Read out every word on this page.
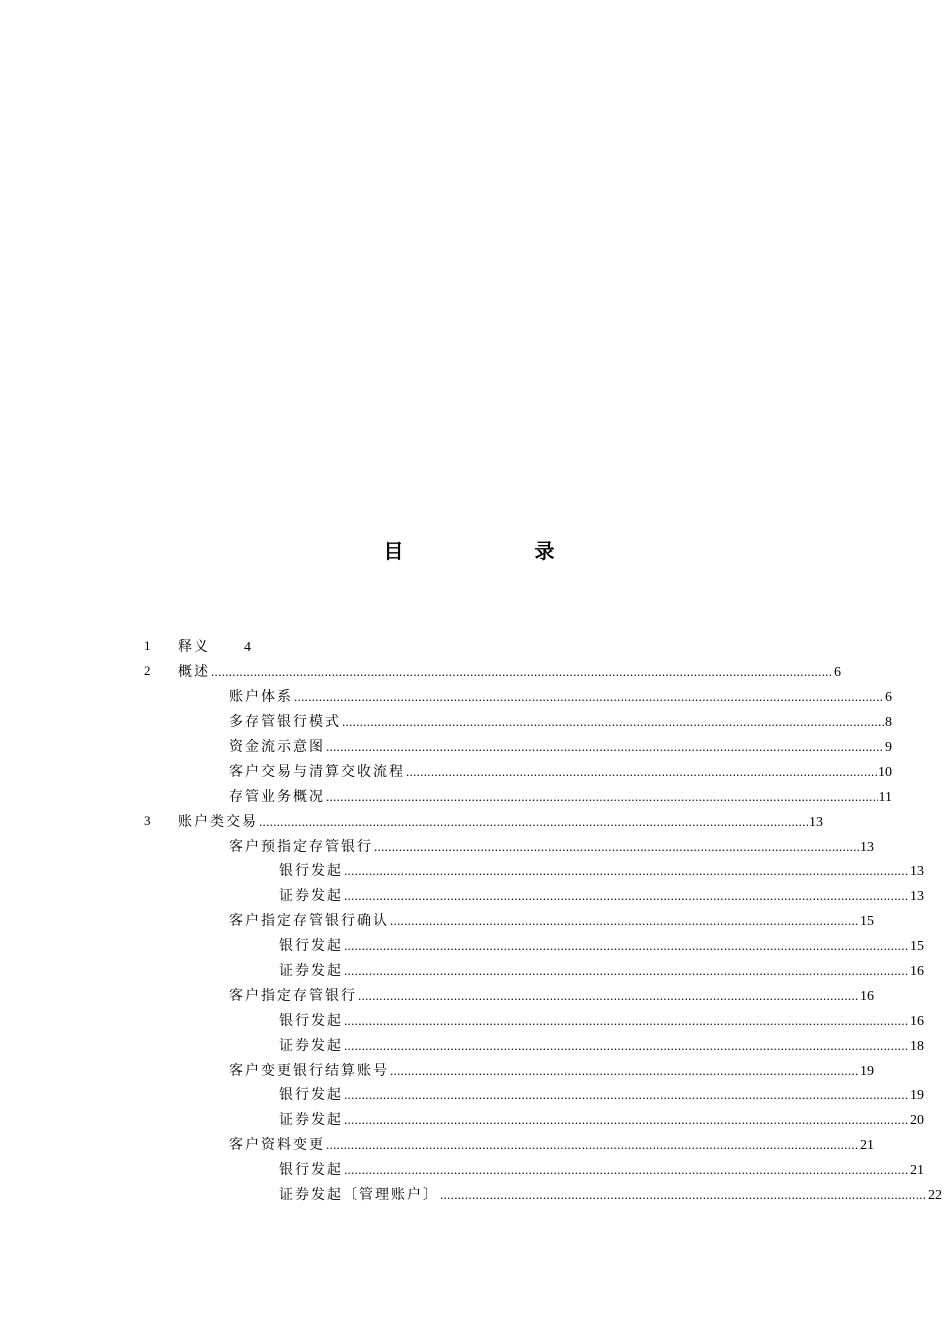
目 录
1 释义 4
2 概述 .....	6
账户体系 .....	6
多存管银行模式 .....	8
资金流示意图 .....	9
客户交易与清算交收流程 .....	10
存管业务概况 .....	11
3 账户类交易 .....	13
客户预指定存管银行 .....	13
银行发起 .....	13
证券发起 .....	13
客户指定存管银行确认 .....	15
银行发起 .....	15
证券发起 .....	16
客户指定存管银行 .....	16
银行发起 .....	16
证券发起 .....	18
客户变更银行结算账号 .....	19
银行发起 .....	19
证券发起 .....	20
客户资料变更 .....	21
银行发起 .....	21
证券发起〔管理账户〕 .....	22
